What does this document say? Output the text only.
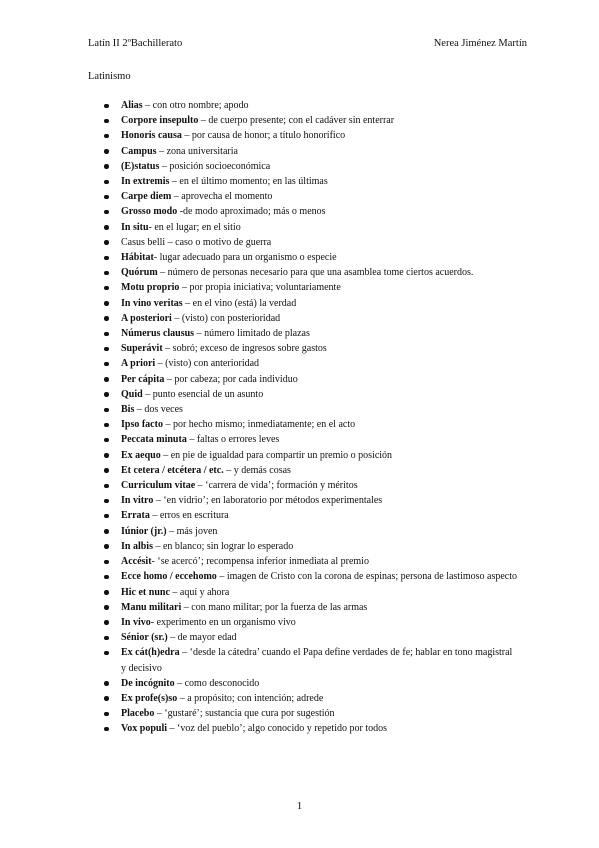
Latín II 2ºBachillerato	Nerea Jiménez Martín
Latinismo
Alias – con otro nombre; apodo
Corpore insepulto – de cuerpo presente; con el cadáver sin enterrar
Honoris causa – por causa de honor; a título honorífico
Campus – zona universitaria
(E)status – posición socioeconómica
In extremis – en el último momento; en las últimas
Carpe diem – aprovecha el momento
Grosso modo -de modo aproximado; más o menos
In situ- en el lugar; en el sitio
Casus belli – caso o motivo de guerra
Hábitat- lugar adecuado para un organismo o especie
Quórum – número de personas necesario para que una asamblea tome ciertos acuerdos.
Motu proprio – por propia iniciativa; voluntariamente
In vino veritas – en el vino (está) la verdad
A posteriori – (visto) con posterioridad
Númerus clausus – número limitado de plazas
Superávit – sobró; exceso de ingresos sobre gastos
A priori – (visto) con anterioridad
Per cápita – por cabeza; por cada individuo
Quid – punto esencial de un asunto
Bis – dos veces
Ipso facto – por hecho mismo; inmediatamente; en el acto
Peccata minuta – faltas o errores leves
Ex aequo – en pie de igualdad para compartir un premio o posición
Et cetera / etcétera / etc. – y demás cosas
Curriculum vitae – ‘carrera de vida’; formación y méritos
In vitro – ‘en vidrio’; en laboratorio por métodos experimentales
Errata – erros en escritura
Iúnior (jr.) – más joven
In albis – en blanco; sin lograr lo esperado
Accésit- ‘se acercó’; recompensa inferior inmediata al premio
Ecce homo / eccehomo – imagen de Cristo con la corona de espinas; persona de lastimoso aspecto
Hic et nunc – aquí y ahora
Manu militari – con mano militar; por la fuerza de las armas
In vivo- experimento en un organismo vivo
Sénior (sr.) – de mayor edad
Ex cát(h)edra – ‘desde la cátedra’ cuando el Papa define verdades de fe; hablar en tono magistral y decisivo
De incógnito – como desconocido
Ex profe(s)so – a propósito; con intención; adrede
Placebo – ‘gustaré’; sustancia que cura por sugestión
Vox populi – ‘voz del pueblo’; algo conocido y repetido por todos
1
